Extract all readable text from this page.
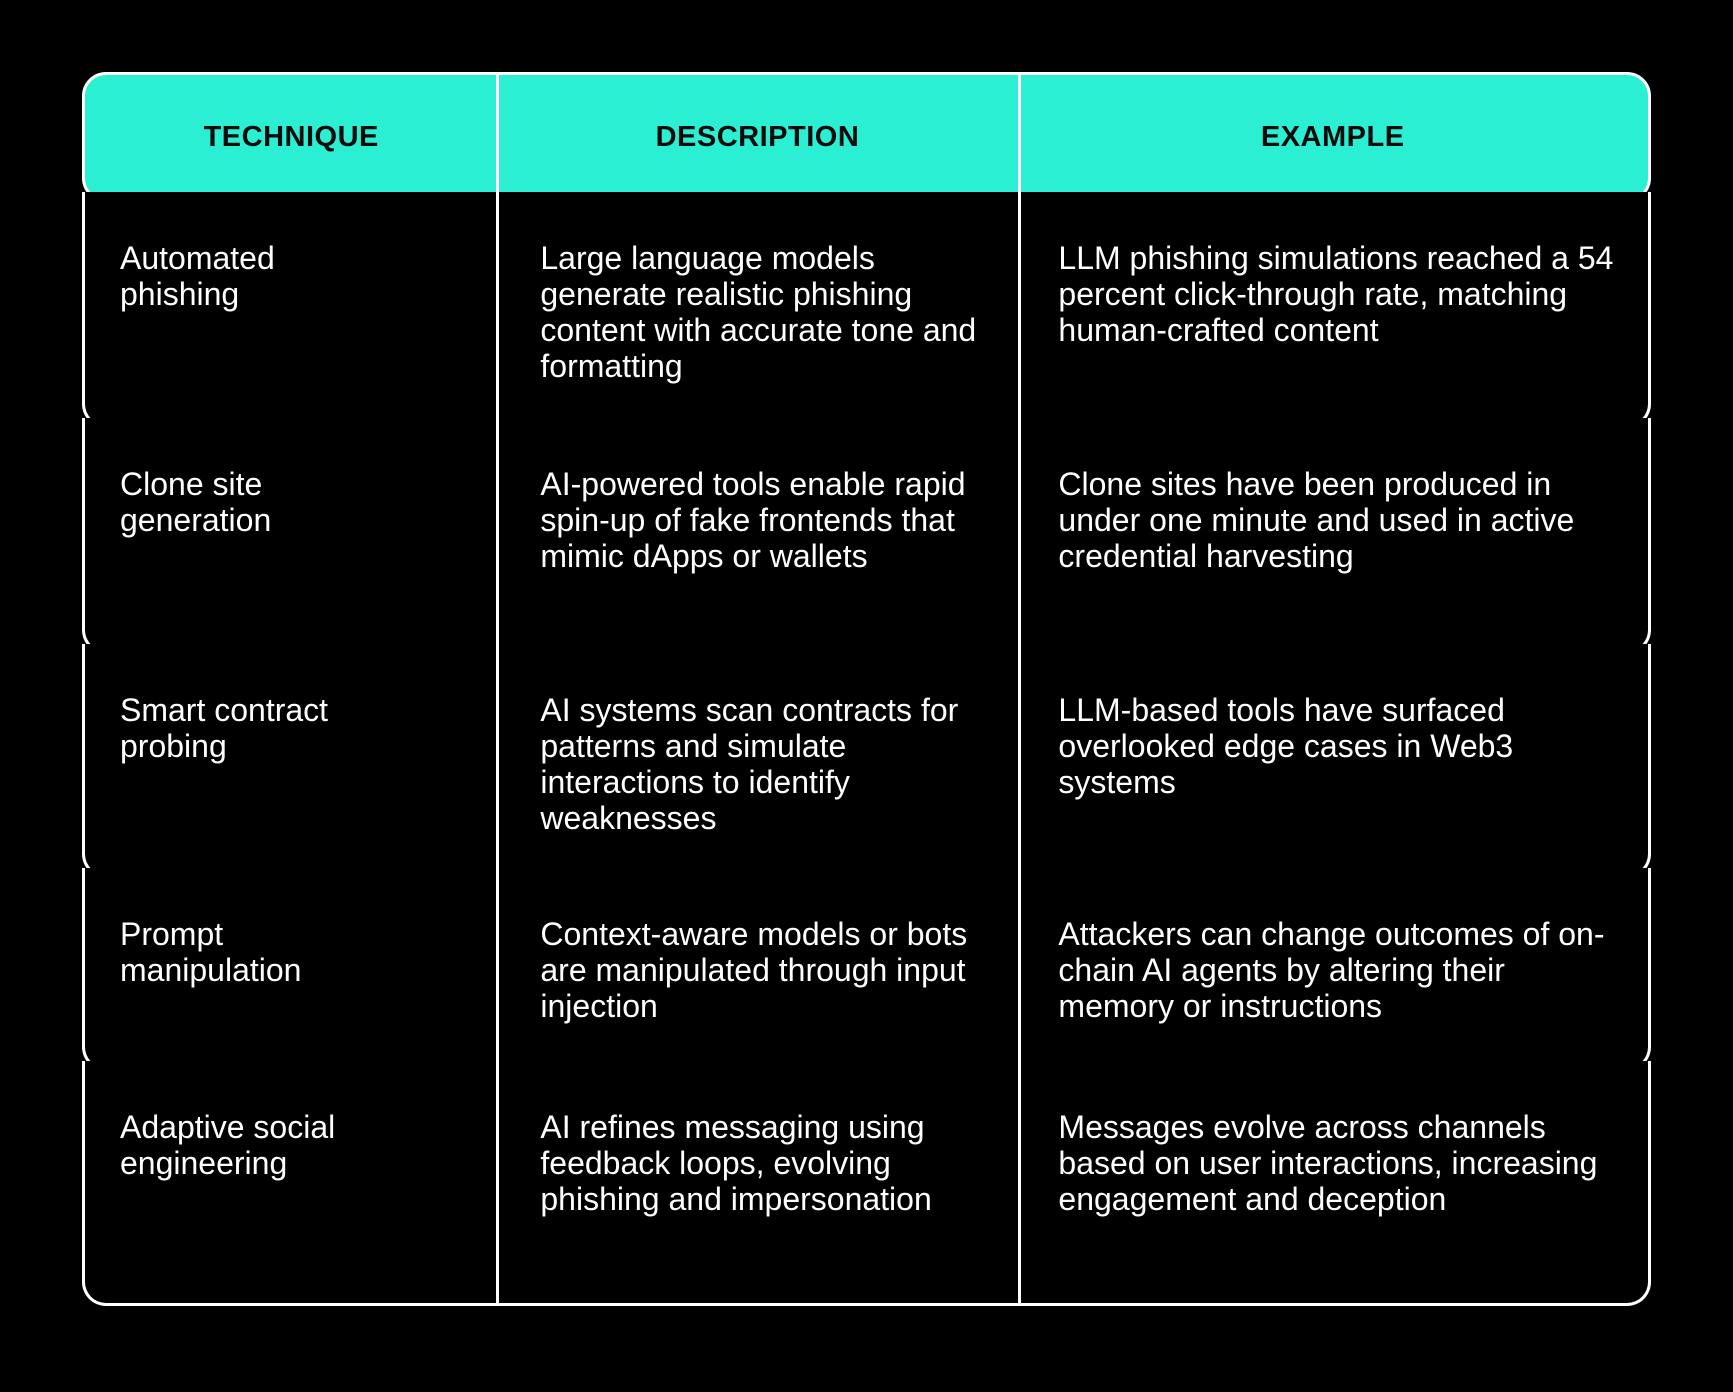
TECHNIQUE	DESCRIPTION	EXAMPLE
Automated phishing
Large language models generate realistic phishing content with accurate tone and formatting
LLM phishing simulations reached a 54 percent click-through rate, matching human-crafted content
Clone site generation
AI-powered tools enable rapid spin-up of fake frontends that mimic dApps or wallets
Clone sites have been produced in under one minute and used in active credential harvesting
Smart contract probing
AI systems scan contracts for patterns and simulate interactions to identify weaknesses
LLM-based tools have surfaced overlooked edge cases in Web3 systems
Prompt manipulation
Context-aware models or bots are manipulated through input injection
Attackers can change outcomes of on-chain AI agents by altering their memory or instructions
Adaptive social engineering
AI refines messaging using feedback loops, evolving phishing and impersonation
Messages evolve across channels based on user interactions, increasing engagement and deception
